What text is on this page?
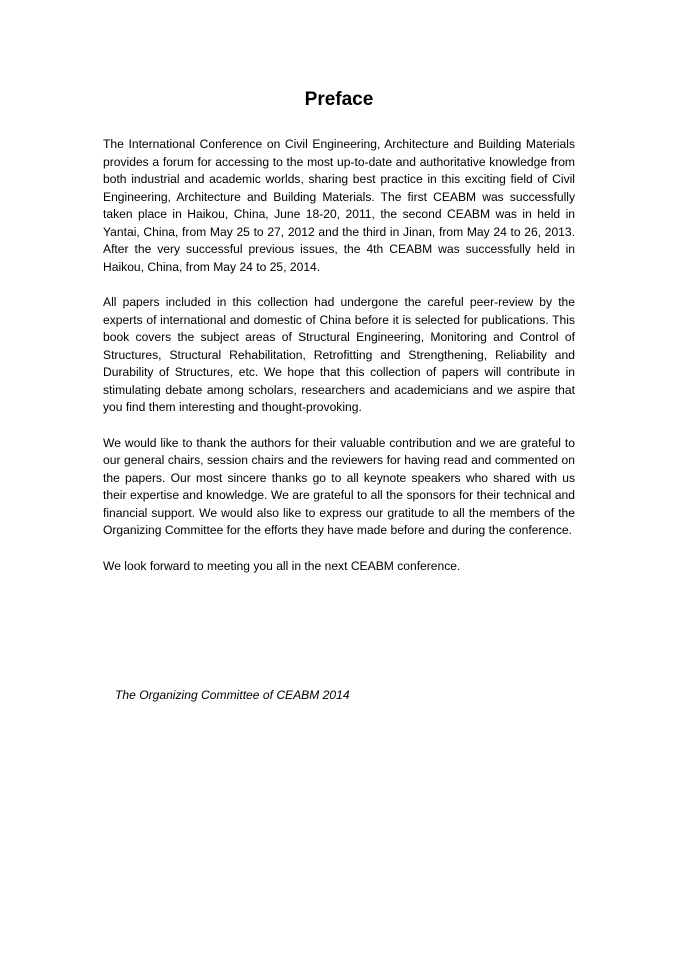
Preface

The International Conference on Civil Engineering, Architecture and Building Materials provides a forum for accessing to the most up-to-date and authoritative knowledge from both industrial and academic worlds, sharing best practice in this exciting field of Civil Engineering, Architecture and Building Materials. The first CEABM was successfully taken place in Haikou, China, June 18-20, 2011, the second CEABM was in held in Yantai, China, from May 25 to 27, 2012 and the third in Jinan, from May 24 to 26, 2013. After the very successful previous issues, the 4th CEABM was successfully held in Haikou, China, from May 24 to 25, 2014.

All papers included in this collection had undergone the careful peer-review by the experts of international and domestic of China before it is selected for publications. This book covers the subject areas of Structural Engineering, Monitoring and Control of Structures, Structural Rehabilitation, Retrofitting and Strengthening, Reliability and Durability of Structures, etc. We hope that this collection of papers will contribute in stimulating debate among scholars, researchers and academicians and we aspire that you find them interesting and thought-provoking.

We would like to thank the authors for their valuable contribution and we are grateful to our general chairs, session chairs and the reviewers for having read and commented on the papers. Our most sincere thanks go to all keynote speakers who shared with us their expertise and knowledge. We are grateful to all the sponsors for their technical and financial support. We would also like to express our gratitude to all the members of the Organizing Committee for the efforts they have made before and during the conference.

We look forward to meeting you all in the next CEABM conference.

The Organizing Committee of CEABM 2014
